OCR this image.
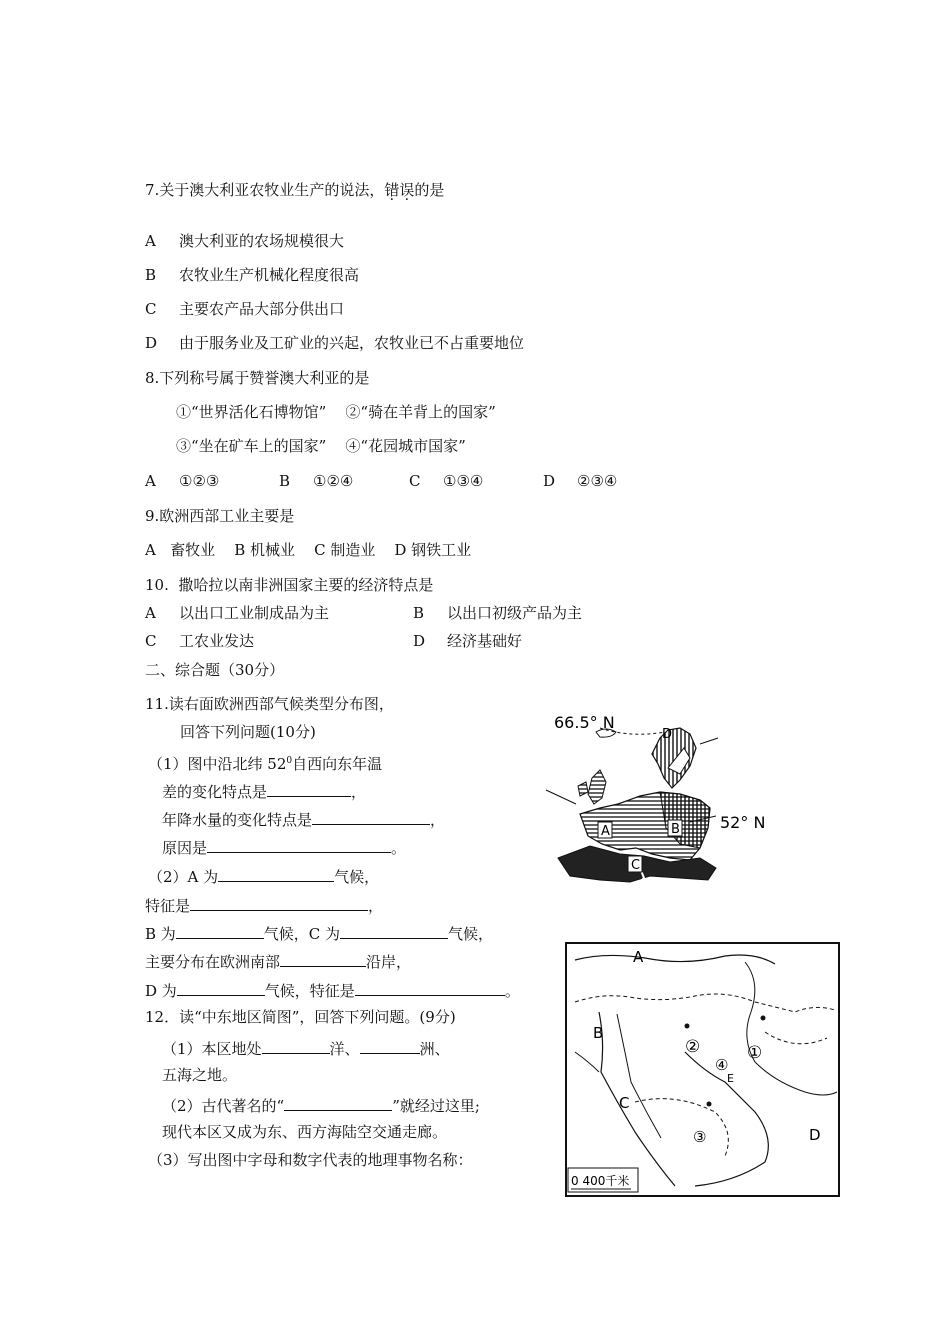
7.关于澳大利亚农牧业生产的说法，错误的是
A 澳大利亚的农场规模很大
B 农牧业生产机械化程度很高
C 主要农产品大部分供出口
D 由于服务业及工矿业的兴起，农牧业已不占重要地位
8.下列称号属于赞誉澳大利亚的是
①“世界活化石博物馆”    ②“骑在羊背上的国家”
③“坐在矿车上的国家”    ④“花园城市国家”
A ①②③	B ①②④	C ①③④	D ②③④
9.欧洲西部工业主要是
A   畜牧业    B 机械业    C 制造业    D 钢铁工业
10.  撒哈拉以南非洲国家主要的经济特点是
A 以出口工业制成品为主	B 以出口初级产品为主
C 工农业发达	D 经济基础好
二、综合题（30分）
11.读右面欧洲西部气候类型分布图，
回答下列问题(10分)
（1）图中沿北纬 $52^0$自西向东年温
差的变化特点是	，
年降水量的变化特点是	，
原因是	。
（2）A 为	气候，
特征是	，
B 为	气候，C 为	气候，
主要分布在欧洲南部	沿岸，
D 为	气候，特征是	。
12．读“中东地区简图”，回答下列问题。(9分)
（1）本区地处	洋、	洲、
五海之地。
（2）古代著名的“	”就经过这里;
现代本区又成为东、西方海陆空交通走廊。
（3）写出图中字母和数字代表的地理事物名称：
66.5° N
D
A	B
C
52° N
A
B
C
D
①
②
③
④
E
0 400千米
